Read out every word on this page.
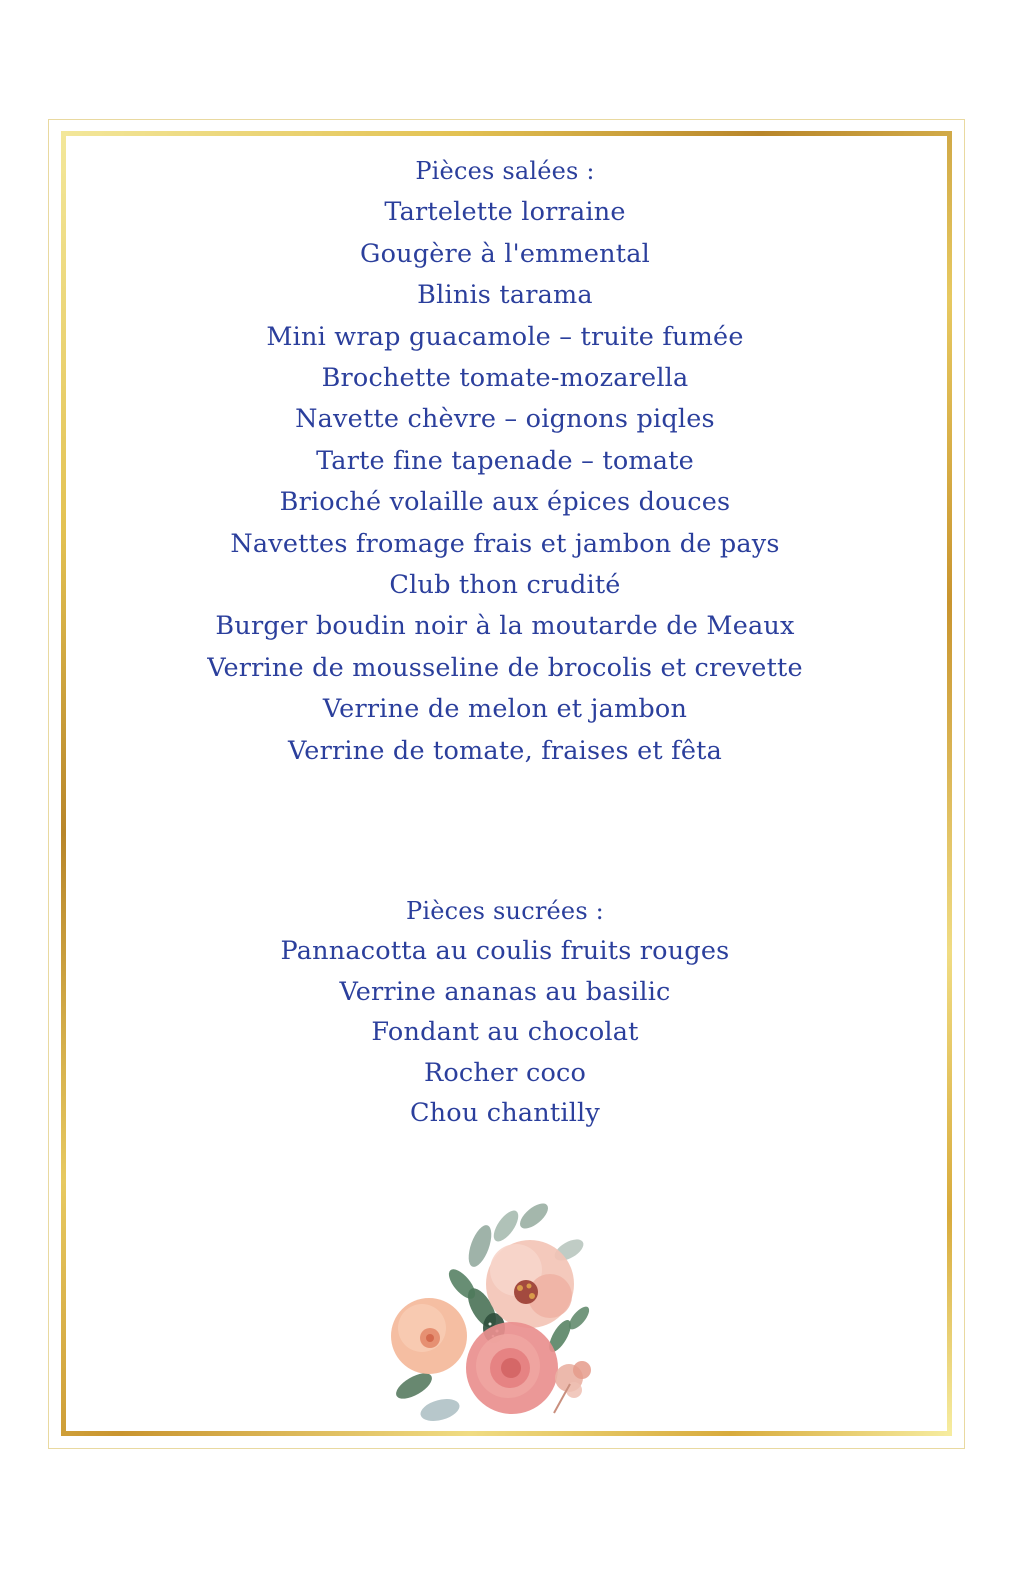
Pièces salées :
Tartelette lorraine
Gougère à l'emmental
Blinis tarama
Mini wrap guacamole – truite fumée
Brochette tomate-mozarella
Navette chèvre – oignons piqles
Tarte fine tapenade – tomate
Brioché volaille aux épices douces
Navettes fromage frais et jambon de pays
Club thon crudité
Burger boudin noir à la moutarde de Meaux
Verrine de mousseline de brocolis et crevette
Verrine de melon et jambon
Verrine de tomate, fraises et fêta
Pièces sucrées :
Pannacotta au coulis fruits rouges
Verrine ananas au basilic
Fondant au chocolat
Rocher coco
Chou chantilly
